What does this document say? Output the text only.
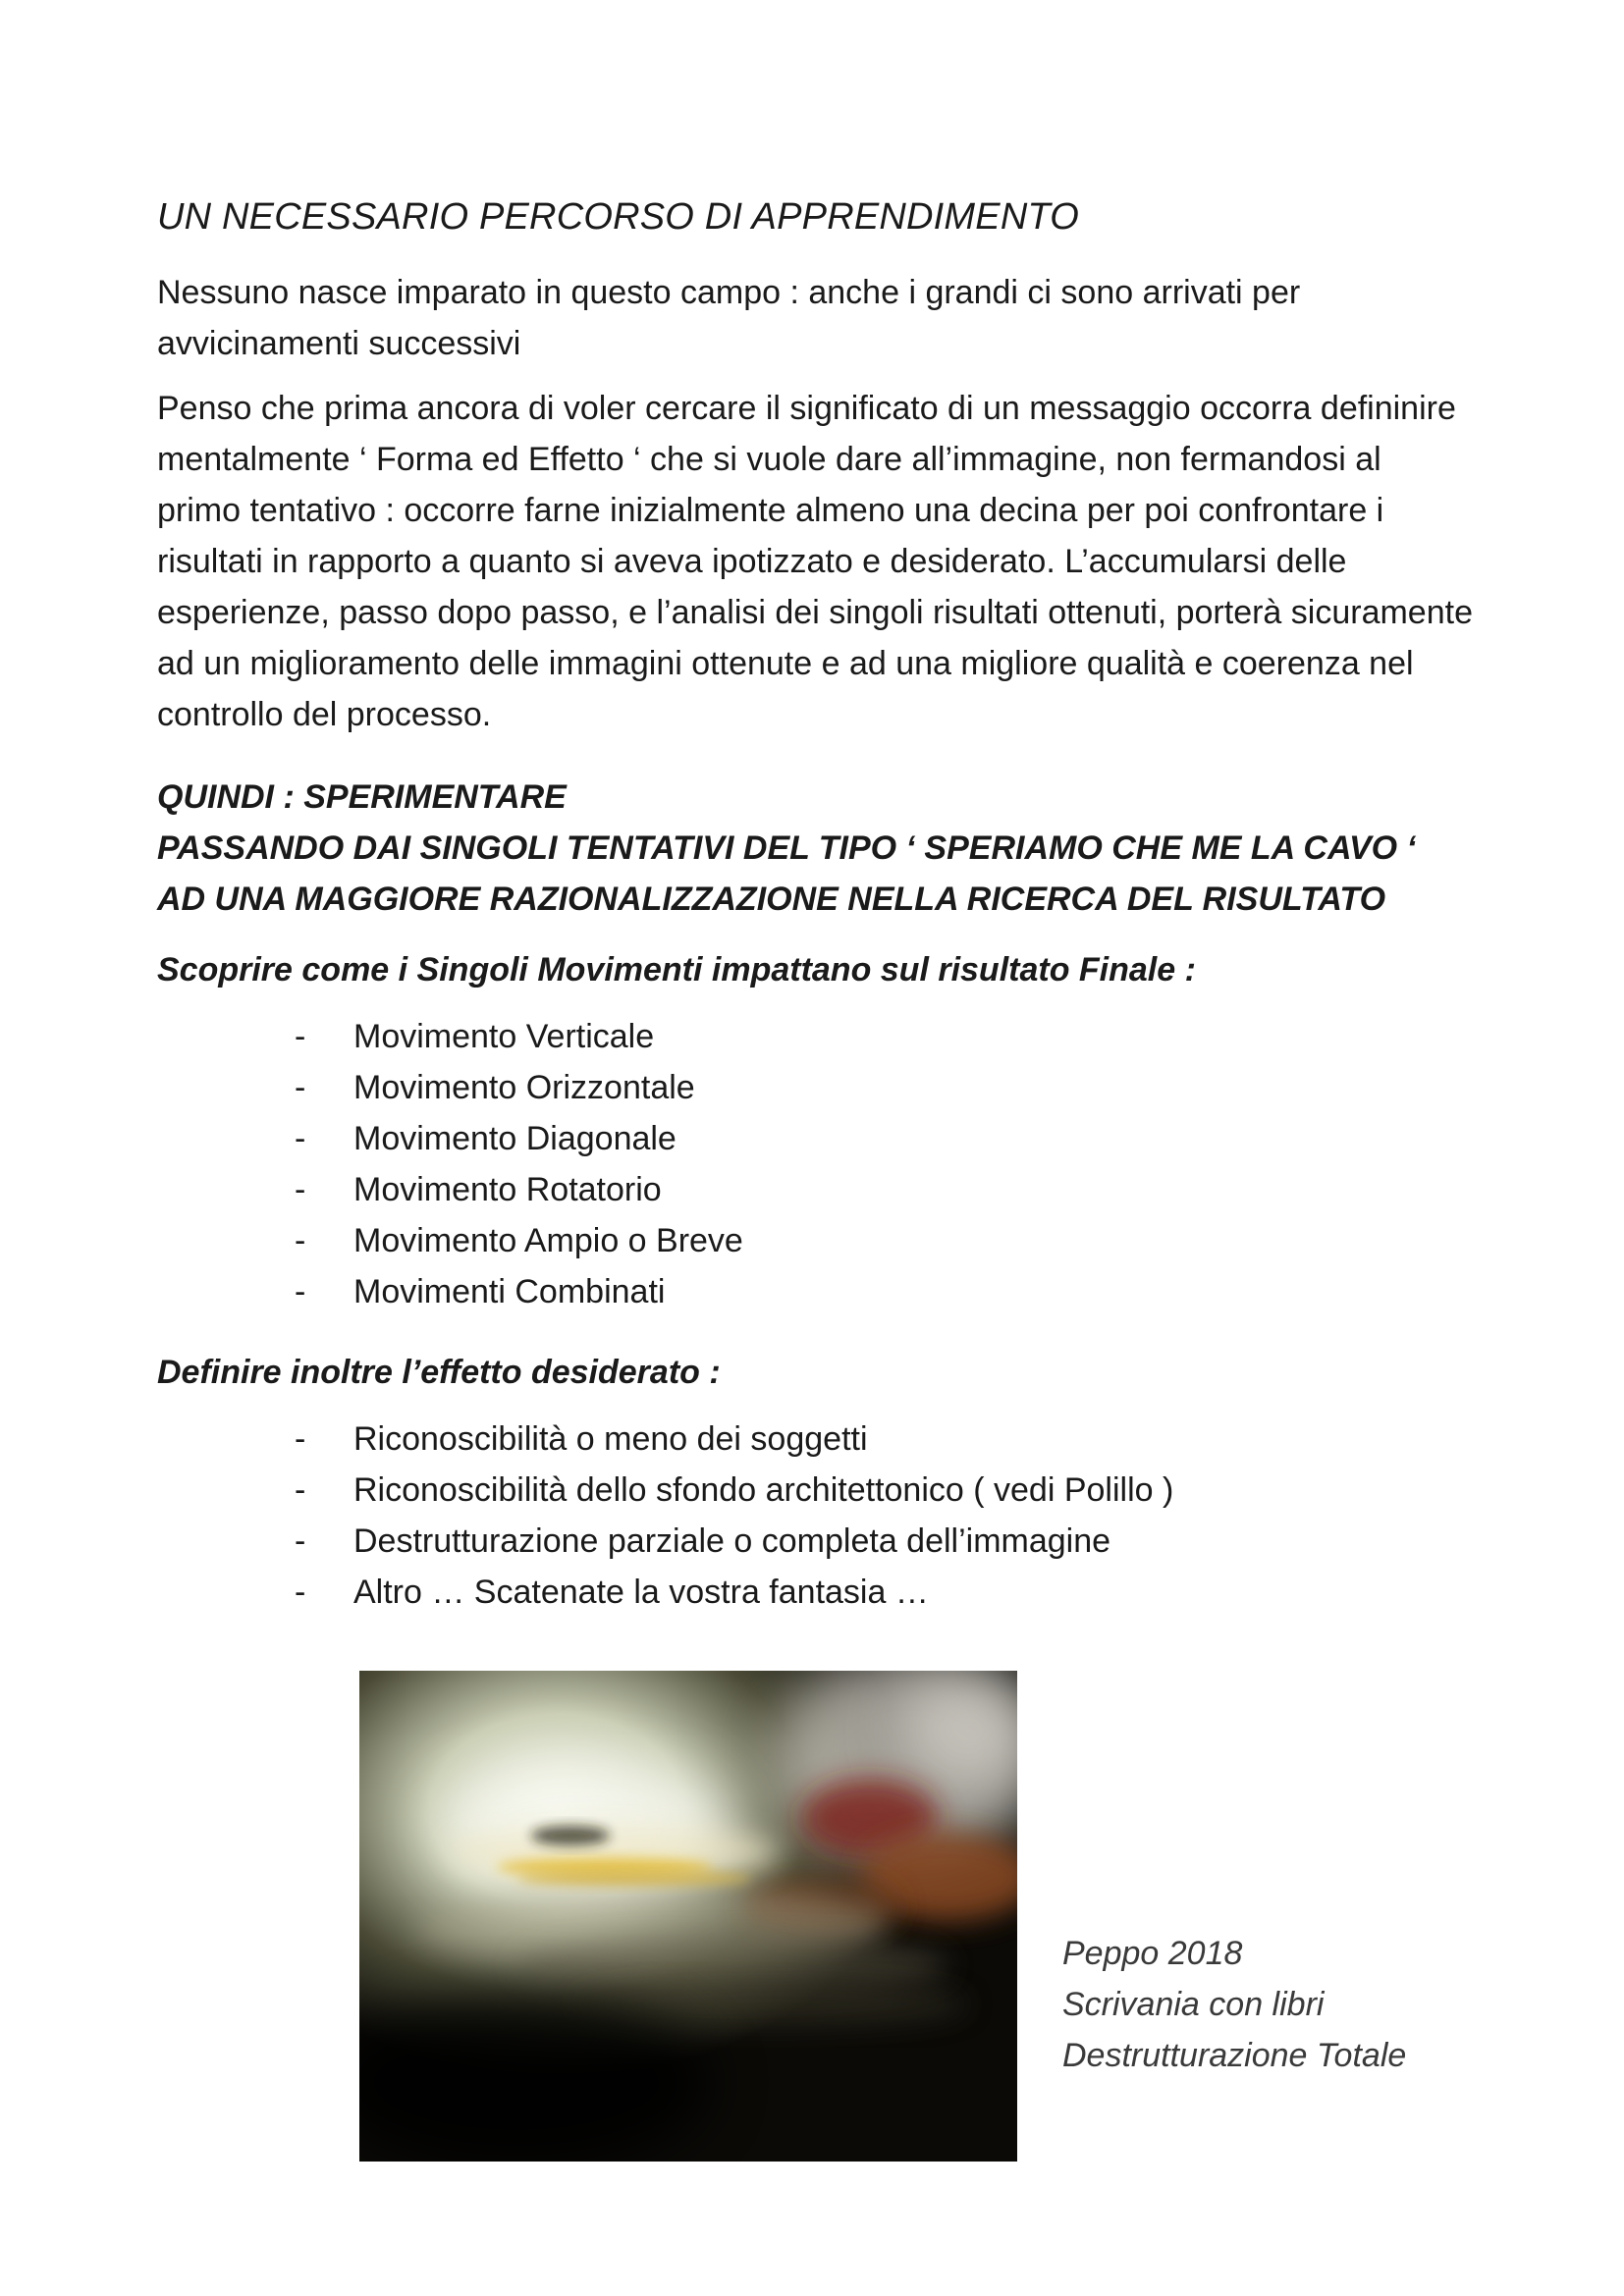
UN NECESSARIO PERCORSO DI APPRENDIMENTO

Nessuno nasce imparato in questo campo : anche i grandi ci sono arrivati per avvicinamenti successivi

Penso che prima ancora di voler cercare il significato di un messaggio occorra defininire mentalmente ‘ Forma ed Effetto ‘ che si vuole dare all’immagine, non fermandosi al primo tentativo : occorre farne inizialmente almeno una decina per poi confrontare i risultati in rapporto a quanto si aveva ipotizzato e desiderato. L’accumularsi delle esperienze, passo dopo passo, e l’analisi dei singoli risultati ottenuti, porterà sicuramente ad un miglioramento delle immagini ottenute e ad una migliore qualità e coerenza nel controllo del processo.

QUINDI : SPERIMENTARE
PASSANDO DAI SINGOLI TENTATIVI DEL TIPO ‘ SPERIAMO CHE ME LA CAVO ‘
AD UNA MAGGIORE RAZIONALIZZAZIONE NELLA RICERCA DEL RISULTATO

Scoprire come i Singoli Movimenti impattano sul risultato Finale :

- Movimento Verticale
- Movimento Orizzontale
- Movimento Diagonale
- Movimento Rotatorio
- Movimento Ampio o Breve
- Movimenti Combinati

Definire inoltre l’effetto desiderato :

- Riconoscibilità o meno dei soggetti
- Riconoscibilità dello sfondo architettonico ( vedi Polillo )
- Destrutturazione parziale o completa dell’immagine
- Altro … Scatenate la vostra fantasia …
Peppo 2018
Scrivania con libri
Destrutturazione Totale
